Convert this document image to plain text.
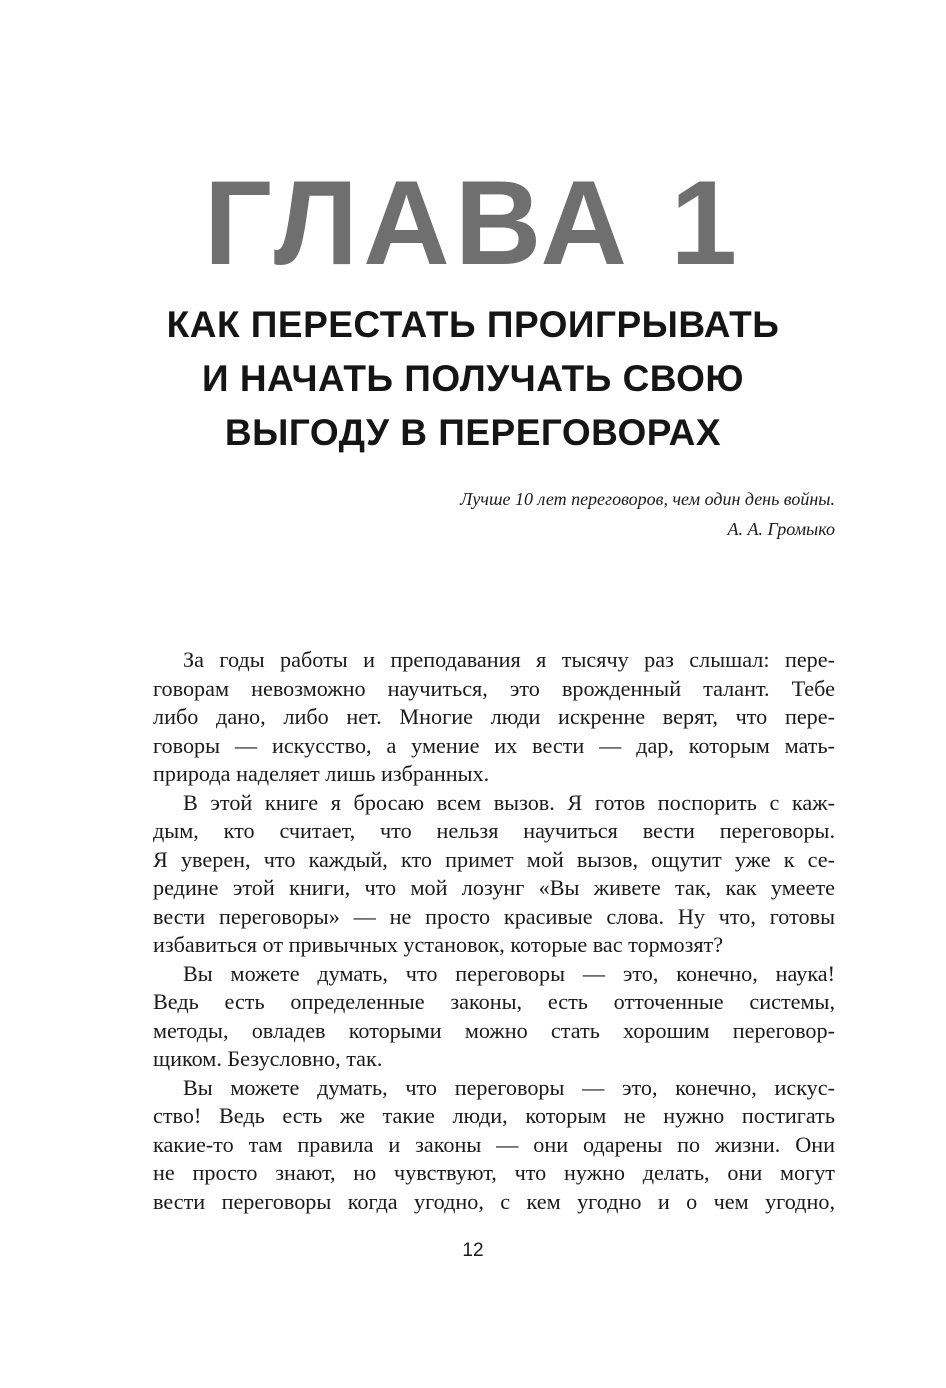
ГЛАВА 1
КАК ПЕРЕСТАТЬ ПРОИГРЫВАТЬ
И НАЧАТЬ ПОЛУЧАТЬ СВОЮ
ВЫГОДУ В ПЕРЕГОВОРАХ
Лучше 10 лет переговоров, чем один день войны.
А. А. Громыко
За годы работы и преподавания я тысячу раз слышал: пере-
говорам невозможно научиться, это врожденный талант. Тебе
либо дано, либо нет. Многие люди искренне верят, что пере-
говоры — искусство, а умение их вести — дар, которым мать-
природа наделяет лишь избранных.
В этой книге я бросаю всем вызов. Я готов поспорить с каж-
дым, кто считает, что нельзя научиться вести переговоры.
Я уверен, что каждый, кто примет мой вызов, ощутит уже к се-
редине этой книги, что мой лозунг «Вы живете так, как умеете
вести переговоры» — не просто красивые слова. Ну что, готовы
избавиться от привычных установок, которые вас тормозят?
Вы можете думать, что переговоры — это, конечно, наука!
Ведь есть определенные законы, есть отточенные системы,
методы, овладев которыми можно стать хорошим переговор-
щиком. Безусловно, так.
Вы можете думать, что переговоры — это, конечно, искус-
ство! Ведь есть же такие люди, которым не нужно постигать
какие-то там правила и законы — они одарены по жизни. Они
не просто знают, но чувствуют, что нужно делать, они могут
вести переговоры когда угодно, с кем угодно и о чем угодно,
12
